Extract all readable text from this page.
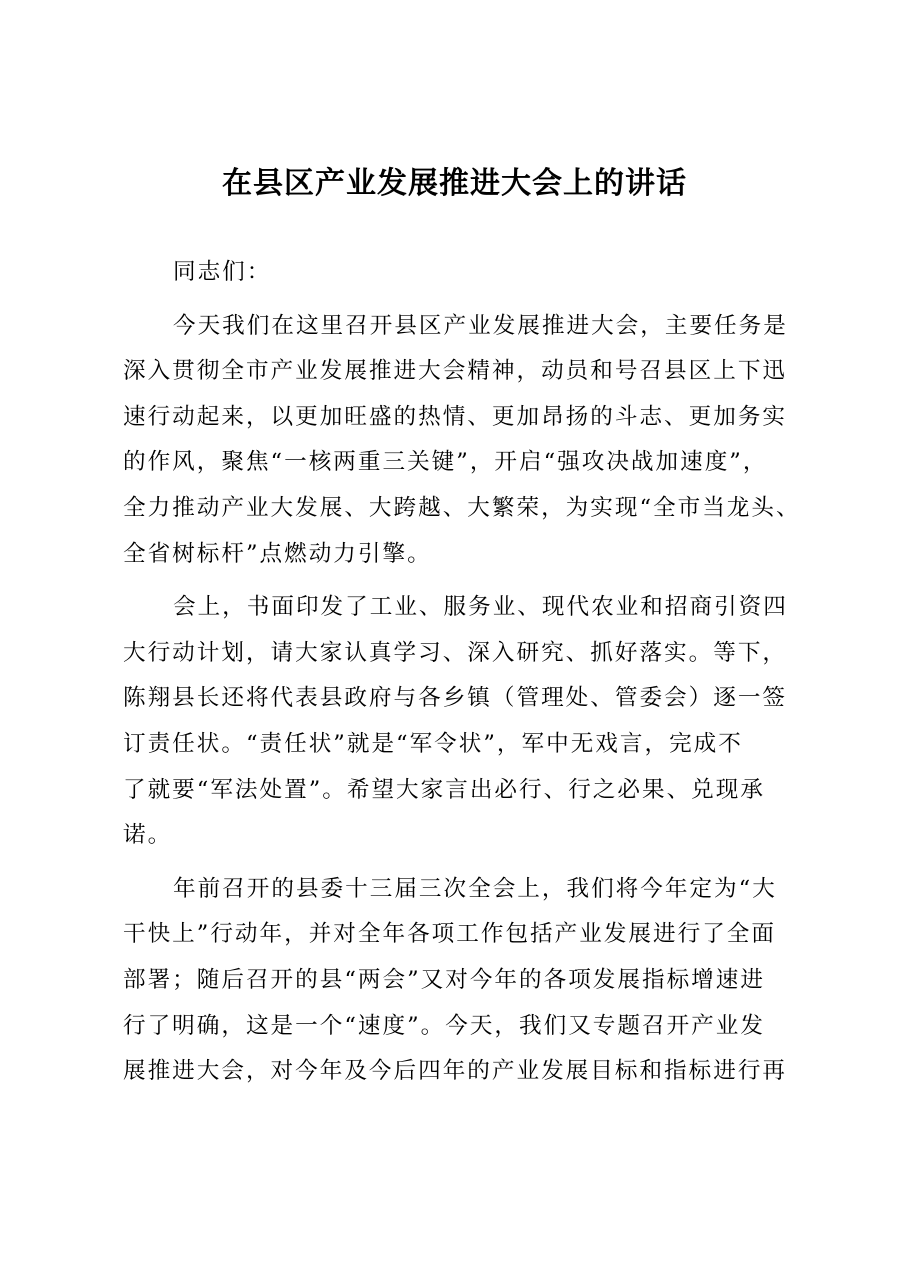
在县区产业发展推进大会上的讲话
同志们：
今天我们在这里召开县区产业发展推进大会，主要任务是
深入贯彻全市产业发展推进大会精神，动员和号召县区上下迅
速行动起来，以更加旺盛的热情、更加昂扬的斗志、更加务实
的作风，聚焦“一核两重三关键”，开启“强攻决战加速度”，
全力推动产业大发展、大跨越、大繁荣，为实现“全市当龙头、
全省树标杆”点燃动力引擎。
会上，书面印发了工业、服务业、现代农业和招商引资四
大行动计划，请大家认真学习、深入研究、抓好落实。等下，
陈翔县长还将代表县政府与各乡镇（管理处、管委会）逐一签
订责任状。“责任状”就是“军令状”，军中无戏言，完成不
了就要“军法处置”。希望大家言出必行、行之必果、兑现承
诺。
年前召开的县委十三届三次全会上，我们将今年定为“大
干快上”行动年，并对全年各项工作包括产业发展进行了全面
部署；随后召开的县“两会”又对今年的各项发展指标增速进
行了明确，这是一个“速度”。今天，我们又专题召开产业发
展推进大会，对今年及今后四年的产业发展目标和指标进行再
